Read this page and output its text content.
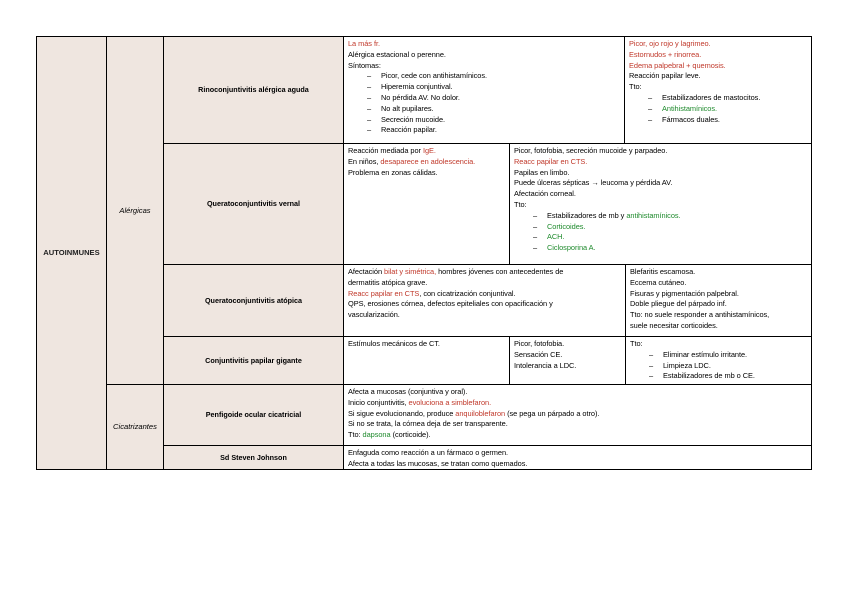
AUTOINMUNES
Alérgicas
Cicatrizantes
Rinoconjuntivitis alérgica aguda
Queratoconjuntivitis vernal
Queratoconjuntivitis atópica
Conjuntivitis papilar gigante
Penfigoide ocular cicatricial
Sd Steven Johnson
La más fr.
Alérgica estacional o perenne.
Síntomas:
– Picor, cede con antihistamínicos.
– Hiperemia conjuntival.
– No pérdida AV. No dolor.
– No alt pupilares.
– Secreción mucoide.
– Reacción papilar.
Picor, ojo rojo y lagrimeo.
Estornudos + rinorrea.
Edema palpebral + quemosis.
Reacción papilar leve.
Tto:
– Estabilizadores de mastocitos.
– Antihistamínicos.
– Fármacos duales.
Reacción mediada por IgE.
En niños, desaparece en adolescencia.
Problema en zonas cálidas.
Picor, fotofobia, secreción mucoide y parpadeo.
Reacc papilar en CTS.
Papilas en limbo.
Puede úlceras sépticas → leucoma y pérdida AV.
Afectación corneal.
Tto:
– Estabilizadores de mb y antihistamínicos.
– Corticoides.
– ACH.
– Ciclosporina A.
Afectación bilat y simétrica, hombres jóvenes con antecedentes de
dermatitis atópica grave.
Reacc papilar en CTS, con cicatrización conjuntival.
QPS, erosiones córnea, defectos epiteliales con opacificación y
vascularización.
Blefaritis escamosa.
Eccema cutáneo.
Fisuras y pigmentación palpebral.
Doble pliegue del párpado inf.
Tto: no suele responder a antihistamínicos,
suele necesitar corticoides.
Estímulos mecánicos de CT.	Picor, fotofobia.
Sensación CE.
Intolerancia a LDC.
Tto:
– Eliminar estímulo irritante.
– Limpieza LDC.
– Estabilizadores de mb o CE.
Afecta a mucosas (conjuntiva y oral).
Inicio conjuntivitis, evoluciona a simblefaron.
Si sigue evolucionando, produce anquiloblefaron (se pega un párpado a otro).
Si no se trata, la córnea deja de ser transparente.
Tto: dapsona (corticoide).
Enfaguda como reacción a un fármaco o germen.
Afecta a todas las mucosas, se tratan como quemados.
